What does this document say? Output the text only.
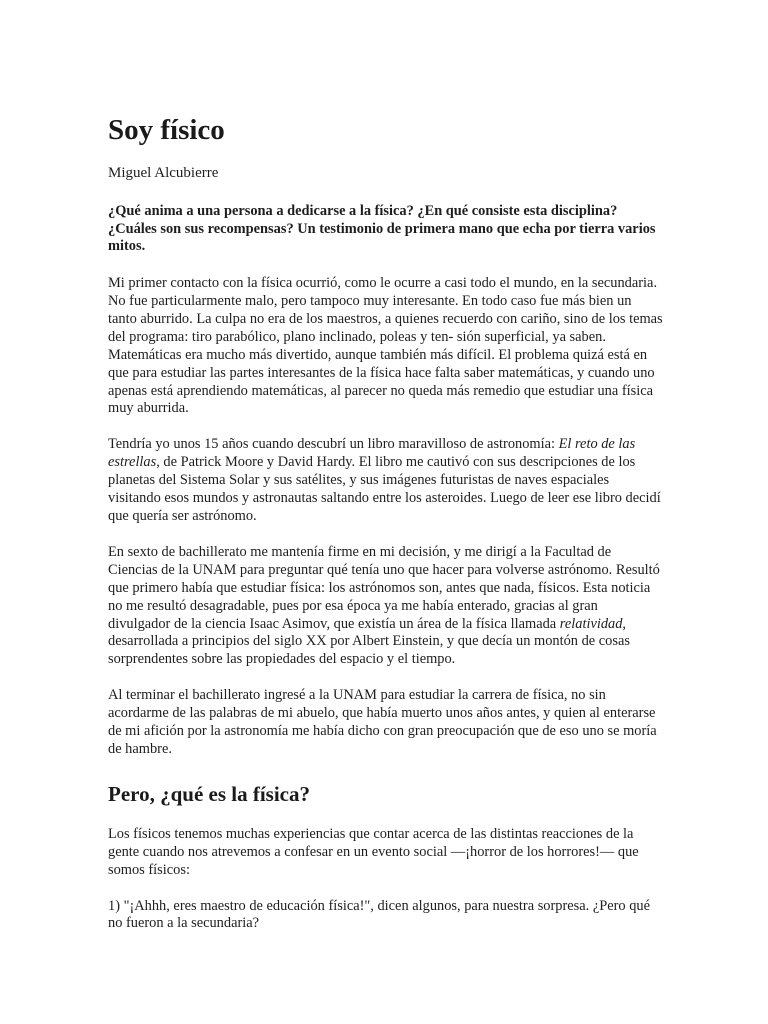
Soy físico

Miguel Alcubierre

¿Qué anima a una persona a dedicarse a la física? ¿En qué consiste esta disciplina? ¿Cuáles son sus recompensas? Un testimonio de primera mano que echa por tierra varios mitos.

Mi primer contacto con la física ocurrió, como le ocurre a casi todo el mundo, en la secundaria. No fue particularmente malo, pero tampoco muy interesante. En todo caso fue más bien un tanto aburrido. La culpa no era de los maestros, a quienes recuerdo con cariño, sino de los temas del programa: tiro parabólico, plano inclinado, poleas y ten- sión superficial, ya saben. Matemáticas era mucho más divertido, aunque también más difícil. El problema quizá está en que para estudiar las partes interesantes de la física hace falta saber matemáticas, y cuando uno apenas está aprendiendo matemáticas, al parecer no queda más remedio que estudiar una física muy aburrida.

Tendría yo unos 15 años cuando descubrí un libro maravilloso de astronomía: El reto de las estrellas, de Patrick Moore y David Hardy. El libro me cautivó con sus descripciones de los planetas del Sistema Solar y sus satélites, y sus imágenes futuristas de naves espaciales visitando esos mundos y astronautas saltando entre los asteroides. Luego de leer ese libro decidí que quería ser astrónomo.

En sexto de bachillerato me mantenía firme en mi decisión, y me dirigí a la Facultad de Ciencias de la UNAM para preguntar qué tenía uno que hacer para volverse astrónomo. Resultó que primero había que estudiar física: los astrónomos son, antes que nada, físicos. Esta noticia no me resultó desagradable, pues por esa época ya me había enterado, gracias al gran divulgador de la ciencia Isaac Asimov, que existía un área de la física llamada relatividad, desarrollada a principios del siglo XX por Albert Einstein, y que decía un montón de cosas sorprendentes sobre las propiedades del espacio y el tiempo.

Al terminar el bachillerato ingresé a la UNAM para estudiar la carrera de física, no sin acordarme de las palabras de mi abuelo, que había muerto unos años antes, y quien al enterarse de mi afición por la astronomía me había dicho con gran preocupación que de eso uno se moría de hambre.

Pero, ¿qué es la física?

Los físicos tenemos muchas experiencias que contar acerca de las distintas reacciones de la gente cuando nos atrevemos a confesar en un evento social —¡horror de los horrores!— que somos físicos:

1) "¡Ahhh, eres maestro de educación física!", dicen algunos, para nuestra sorpresa. ¿Pero qué no fueron a la secundaria?
